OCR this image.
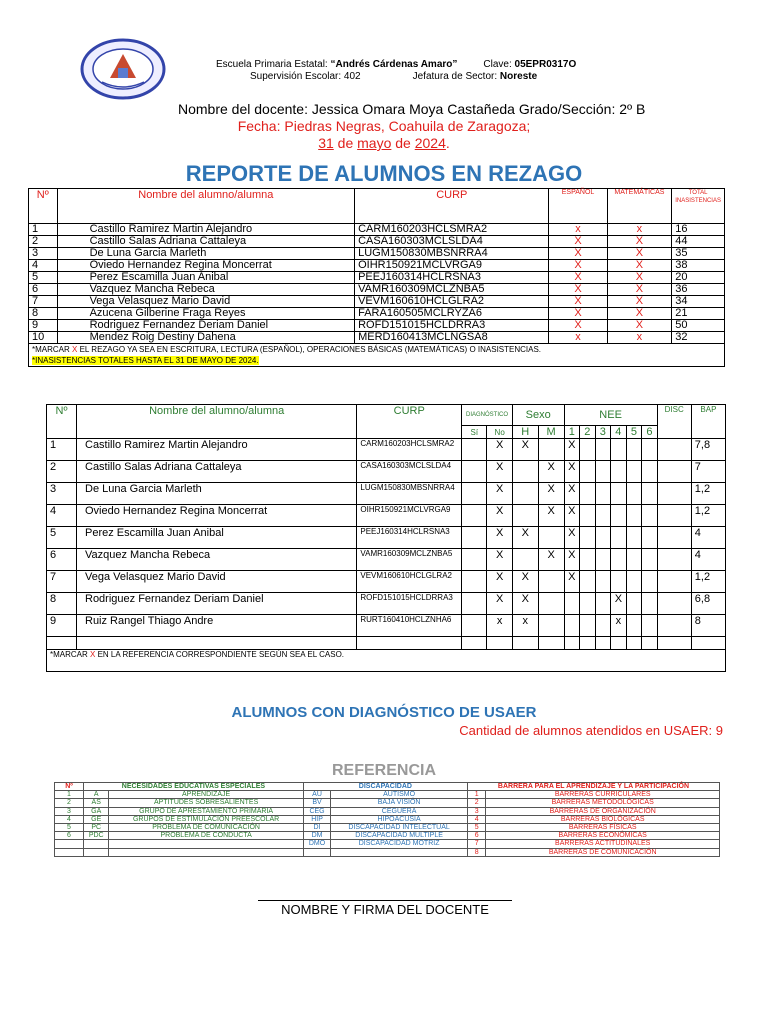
Escuela Primaria Estatal: “Andrés Cárdenas Amaro”	Clave: 05EPR0317O
Supervisión Escolar: 402	Jefatura de Sector: Noreste
Nombre del docente: Jessica Omara Moya Castañeda Grado/Sección: 2º B
Fecha: Piedras Negras, Coahuila de Zaragoza;
31 de mayo de 2024.
REPORTE DE ALUMNOS EN REZAGO
Nº	Nombre del alumno/alumna	CURP	ESPAÑOL	MATEMÁTICAS	TOTAL INASISTENCIAS
1	Castillo Ramirez Martin Alejandro	CARM160203HCLSMRA2	x	x	16
2	Castillo Salas Adriana Cattaleya	CASA160303MCLSLDA4	X	X	44
3	De Luna Garcia Marleth	LUGM150830MBSNRRA4	X	X	35
4	Oviedo Hernandez Regina Moncerrat	OIHR150921MCLVRGA9	X	X	38
5	Perez Escamilla Juan Anibal	PEEJ160314HCLRSNA3	X	X	20
6	Vazquez Mancha Rebeca	VAMR160309MCLZNBA5	X	X	36
7	Vega Velasquez Mario David	VEVM160610HCLGLRA2	X	X	34
8	Azucena Gilberine Fraga Reyes	FARA160505MCLRYZA6	X	X	21
9	Rodriguez Fernandez Deriam Daniel	ROFD151015HCLDRRA3	X	X	50
10	Mendez Roig Destiny Dahena	MERD160413MCLNGSA8	x	x	32
*MARCAR X EL REZAGO YA SEA EN ESCRITURA, LECTURA (ESPAÑOL), OPERACIONES BÁSICAS (MATEMÁTICAS) O INASISTENCIAS.
*INASISTENCIAS TOTALES HASTA EL 31 DE MAYO DE 2024.					
Nº	Nombre del alumno/alumna	CURP	DIAGNÓSTICO		Sexo		NEE						DISC	BAP
			Sí	No	H	M	1	2	3	4	5	6		
1	Castillo Ramirez Martin Alejandro	CARM160203HCLSMRA2		X	X		X							7,8
2	Castillo Salas Adriana Cattaleya	CASA160303MCLSLDA4		X		X	X							7
3	De Luna Garcia Marleth	LUGM150830MBSNRRA4		X		X	X							1,2
4	Oviedo Hernandez Regina Moncerrat	OIHR150921MCLVRGA9		X		X	X							1,2
5	Perez Escamilla Juan Anibal	PEEJ160314HCLRSNA3		X	X		X							4
6	Vazquez Mancha Rebeca	VAMR160309MCLZNBA5		X		X	X							4
7	Vega Velasquez Mario David	VEVM160610HCLGLRA2		X	X		X							1,2
8	Rodriguez Fernandez Deriam Daniel	ROFD151015HCLDRRA3		X	X					X				6,8
9	Ruiz Rangel Thiago Andre	RURT160410HCLZNHA6		x	x					x				8

*MARCAR X EN LA REFERENCIA CORRESPONDIENTE SEGÚN SEA EL CASO.														
ALUMNOS CON DIAGNÓSTICO DE USAER
Cantidad de alumnos atendidos en USAER: 9
REFERENCIA
Nº	NECESIDADES EDUCATIVAS ESPECIALES		DISCAPACIDAD		BARRERA PARA EL APRENDIZAJE Y LA PARTICIPACIÓN	
1	A	APRENDIZAJE	AU	AUTISMO	1	BARRERAS CURRICULARES
2	AS	APTITUDES SOBRESALIENTES	BV	BAJA VISIÓN	2	BARRERAS METODOLÓGICAS
3	GA	GRUPO DE APRESTAMIENTO PRIMARIA	CEG	CEGUERA	3	BARRERAS DE ORGANIZACIÓN
4	GE	GRUPOS DE ESTIMULACIÓN PREESCOLAR	HIP	HIPOACUSIA	4	BARRERAS BIOLÓGICAS
5	PC	PROBLEMA DE COMUNICACIÓN	DI	DISCAPACIDAD INTELECTUAL	5	BARRERAS FÍSICAS
6	PDC	PROBLEMA DE CONDUCTA	DM	DISCAPACIDAD MULTIPLE	6	BARRERAS ECONÓMICAS
			DMO	DISCAPACIDAD MOTRIZ	7	BARRERAS ACTITUDINALES
					8	BARRERAS DE COMUNICACIÓN
NOMBRE Y FIRMA DEL DOCENTE
